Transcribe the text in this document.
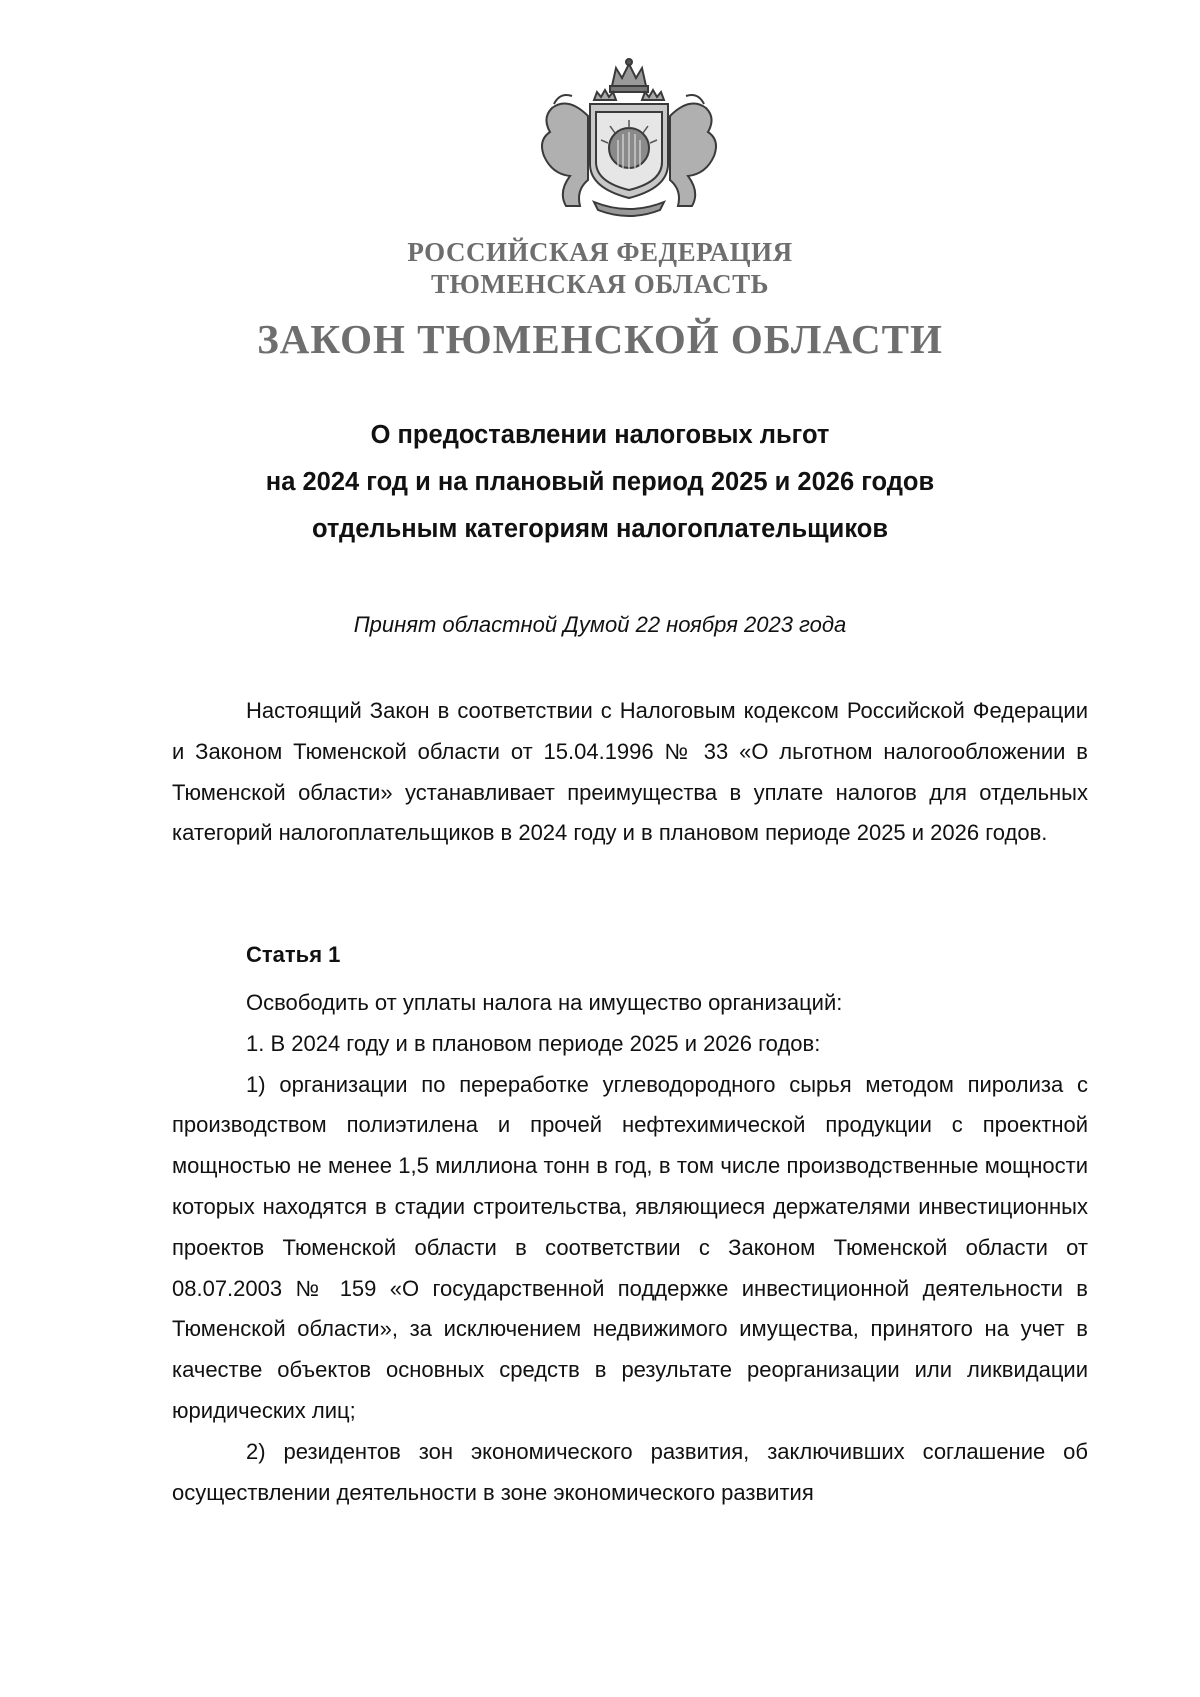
РОССИЙСКАЯ ФЕДЕРАЦИЯ
ТЮМЕНСКАЯ ОБЛАСТЬ
ЗАКОН ТЮМЕНСКОЙ ОБЛАСТИ
О предоставлении налоговых льгот
на 2024 год и на плановый период 2025 и 2026 годов
отдельным категориям налогоплательщиков
Принят областной Думой 22 ноября 2023 года

Настоящий Закон в соответствии с Налоговым кодексом Российской Федерации и Законом Тюменской области от 15.04.1996 № 33 «О льготном налогообложении в Тюменской области» устанавливает преимущества в уплате налогов для отдельных категорий налогоплательщиков в 2024 году и в плановом периоде 2025 и 2026 годов.

Статья 1

Освободить от уплаты налога на имущество организаций:

1. В 2024 году и в плановом периоде 2025 и 2026 годов:

1) организации по переработке углеводородного сырья методом пиролиза с производством полиэтилена и прочей нефтехимической продукции с проектной мощностью не менее 1,5 миллиона тонн в год, в том числе производственные мощности которых находятся в стадии строительства, являющиеся держателями инвестиционных проектов Тюменской области в соответствии с Законом Тюменской области от 08.07.2003 № 159 «О государственной поддержке инвестиционной деятельности в Тюменской области», за исключением недвижимого имущества, принятого на учет в качестве объектов основных средств в результате реорганизации или ликвидации юридических лиц;

2) резидентов зон экономического развития, заключивших соглашение об осуществлении деятельности в зоне экономического развития
